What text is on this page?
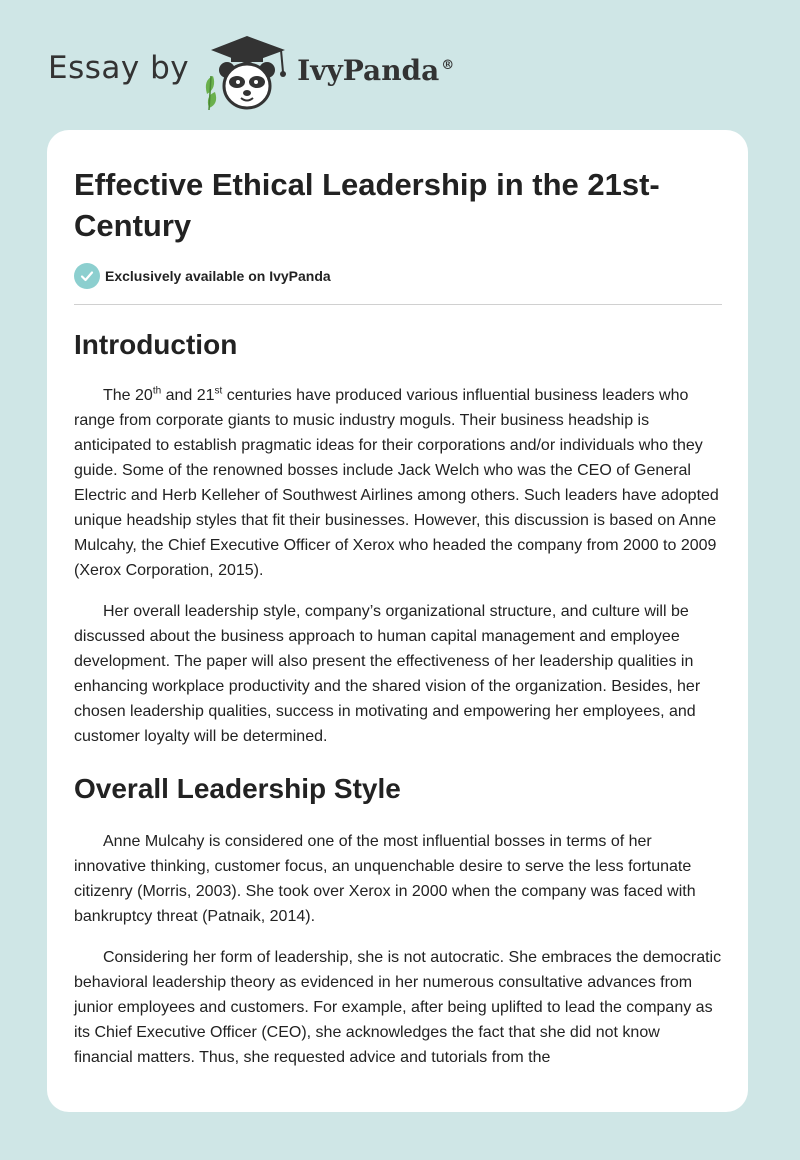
Essay by	IvyPanda ®
Effective Ethical Leadership in the 21st-Century
Exclusively available on IvyPanda
Introduction

The 20th and 21st centuries have produced various influential business leaders who range from corporate giants to music industry moguls. Their business headship is anticipated to establish pragmatic ideas for their corporations and/or individuals who they guide. Some of the renowned bosses include Jack Welch who was the CEO of General Electric and Herb Kelleher of Southwest Airlines among others. Such leaders have adopted unique headship styles that fit their businesses. However, this discussion is based on Anne Mulcahy, the Chief Executive Officer of Xerox who headed the company from 2000 to 2009 (Xerox Corporation, 2015).

Her overall leadership style, company’s organizational structure, and culture will be discussed about the business approach to human capital management and employee development. The paper will also present the effectiveness of her leadership qualities in enhancing workplace productivity and the shared vision of the organization. Besides, her chosen leadership qualities, success in motivating and empowering her employees, and customer loyalty will be determined.

Overall Leadership Style

Anne Mulcahy is considered one of the most influential bosses in terms of her innovative thinking, customer focus, an unquenchable desire to serve the less fortunate citizenry (Morris, 2003). She took over Xerox in 2000 when the company was faced with bankruptcy threat (Patnaik, 2014).

Considering her form of leadership, she is not autocratic. She embraces the democratic behavioral leadership theory as evidenced in her numerous consultative advances from junior employees and customers. For example, after being uplifted to lead the company as its Chief Executive Officer (CEO), she acknowledges the fact that she did not know financial matters. Thus, she requested advice and tutorials from the
